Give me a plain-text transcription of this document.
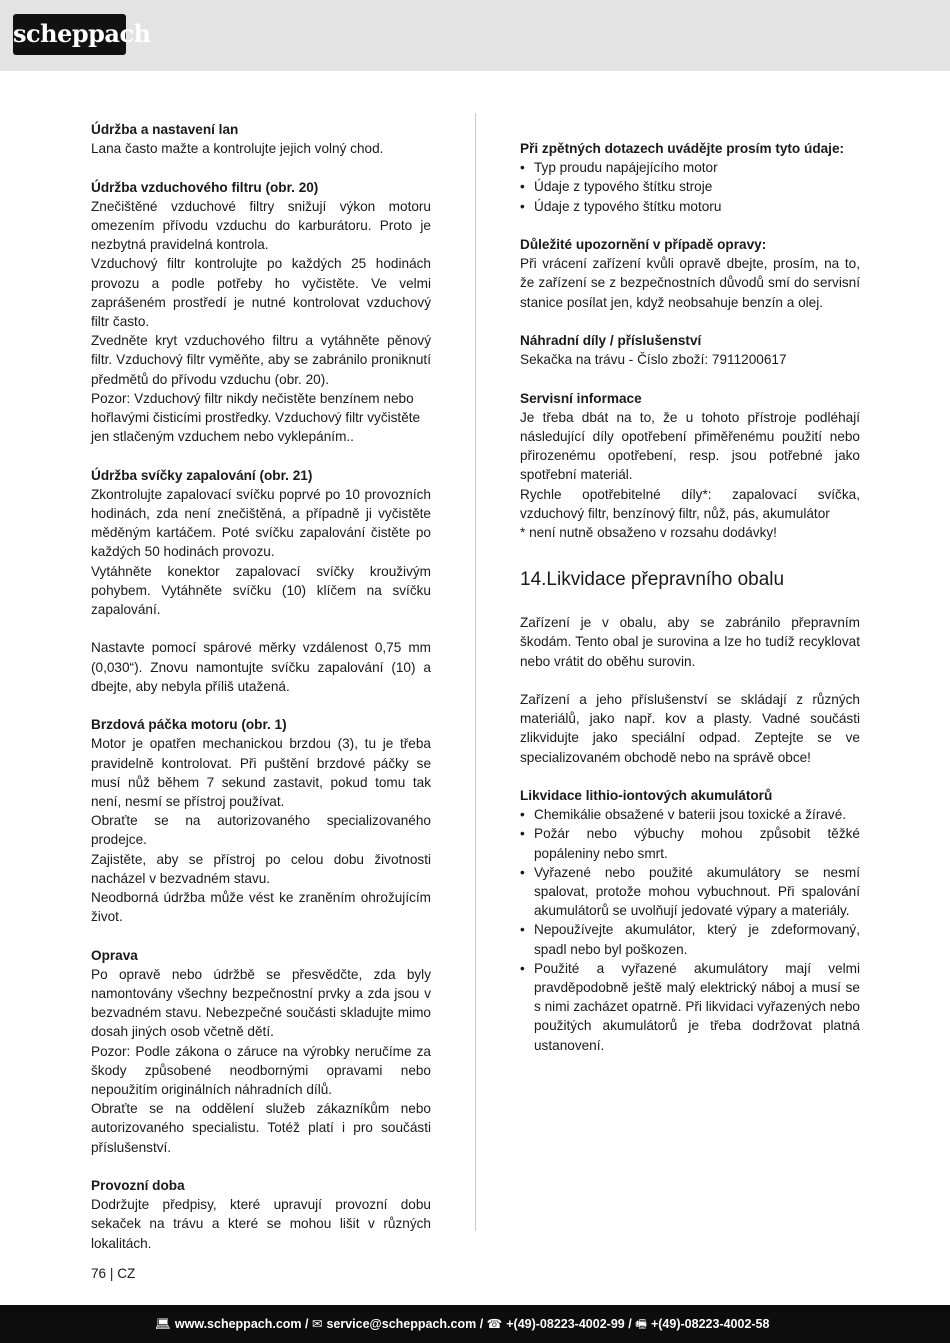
scheppach
Údržba a nastavení lan
Lana často mažte a kontrolujte jejich volný chod.
Údržba vzduchového filtru (obr. 20)
Znečištěné vzduchové filtry snižují výkon motoru omezením přívodu vzduchu do karburátoru. Proto je nezbytná pravidelná kontrola.
Vzduchový filtr kontrolujte po každých 25 hodinách provozu a podle potřeby ho vyčistěte. Ve velmi zaprášeném prostředí je nutné kontrolovat vzduchový filtr často.
Zvedněte kryt vzduchového filtru a vytáhněte pěnový filtr. Vzduchový filtr vyměňte, aby se zabránilo proniknutí předmětů do přívodu vzduchu (obr. 20).
Pozor: Vzduchový filtr nikdy nečistěte benzínem nebo hořlavými čisticími prostředky. Vzduchový filtr vyčistěte jen stlačeným vzduchem nebo vyklepáním..
Údržba svíčky zapalování (obr. 21)
Zkontrolujte zapalovací svíčku poprvé po 10 provozních hodinách, zda není znečištěná, a případně ji vyčistěte měděným kartáčem. Poté svíčku zapalování čistěte po každých 50 hodinách provozu.
Vytáhněte konektor zapalovací svíčky krouživým pohybem. Vytáhněte svíčku (10) klíčem na svíčku zapalování.
Nastavte pomocí spárové měrky vzdálenost 0,75 mm (0,030“). Znovu namontujte svíčku zapalování (10) a dbejte, aby nebyla příliš utažená.
Brzdová páčka motoru (obr. 1)
Motor je opatřen mechanickou brzdou (3), tu je třeba pravidelně kontrolovat. Při puštění brzdové páčky se musí nůž během 7 sekund zastavit, pokud tomu tak není, nesmí se přístroj používat.
Obraťte se na autorizovaného specializovaného prodejce.
Zajistěte, aby se přístroj po celou dobu životnosti nacházel v bezvadném stavu.
Neodborná údržba může vést ke zraněním ohrožujícím život.
Oprava
Po opravě nebo údržbě se přesvědčte, zda byly namontovány všechny bezpečnostní prvky a zda jsou v bezvadném stavu. Nebezpečné součásti skladujte mimo dosah jiných osob včetně dětí.
Pozor: Podle zákona o záruce na výrobky neručíme za škody způsobené neodbornými opravami nebo nepoužitím originálních náhradních dílů.
Obraťte se na oddělení služeb zákazníkům nebo autorizovaného specialistu. Totéž platí i pro součásti příslušenství.
Provozní doba
Dodržujte předpisy, které upravují provozní dobu sekaček na trávu a které se mohou lišit v různých lokalitách.
Při zpětných dotazech uvádějte prosím tyto údaje:
• Typ proudu napájejícího motor
• Údaje z typového štítku stroje
• Údaje z typového štítku motoru
Důležité upozornění v případě opravy:
Při vrácení zařízení kvůli opravě dbejte, prosím, na to, že zařízení se z bezpečnostních důvodů smí do servisní stanice posílat jen, když neobsahuje benzín a olej.
Náhradní díly / příslušenství
Sekačka na trávu - Číslo zboží: 7911200617
Servisní informace
Je třeba dbát na to, že u tohoto přístroje podléhají následující díly opotřebení přiměřenému použití nebo přirozenému opotřebení, resp. jsou potřebné jako spotřební materiál.
Rychle opotřebitelné díly*: zapalovací svíčka, vzduchový filtr, benzínový filtr, nůž, pás, akumulátor
* není nutně obsaženo v rozsahu dodávky!
14.Likvidace přepravního obalu
Zařízení je v obalu, aby se zabránilo přepravním škodám. Tento obal je surovina a lze ho tudíž recyklovat nebo vrátit do oběhu surovin.
Zařízení a jeho příslušenství se skládají z různých materiálů, jako např. kov a plasty. Vadné součásti zlikvidujte jako speciální odpad. Zeptejte se ve specializovaném obchodě nebo na správě obce!
Likvidace lithio-iontových akumulátorů
• Chemikálie obsažené v baterii jsou toxické a žíravé.
• Požár nebo výbuchy mohou způsobit těžké popáleniny nebo smrt.
• Vyřazené nebo použité akumulátory se nesmí spalovat, protože mohou vybuchnout. Při spalování akumulátorů se uvolňují jedovaté výpary a materiály.
• Nepoužívejte akumulátor, který je zdeformovaný, spadl nebo byl poškozen.
• Použité a vyřazené akumulátory mají velmi pravděpodobně ještě malý elektrický náboj a musí se s nimi zacházet opatrně. Při likvidaci vyřazených nebo použitých akumulátorů je třeba dodržovat platná ustanovení.
76 | CZ
💻︎ www.scheppach.com / ✉︎ service@scheppach.com / ☎︎ +(49)-08223-4002-99 / 🖷︎ +(49)-08223-4002-58
